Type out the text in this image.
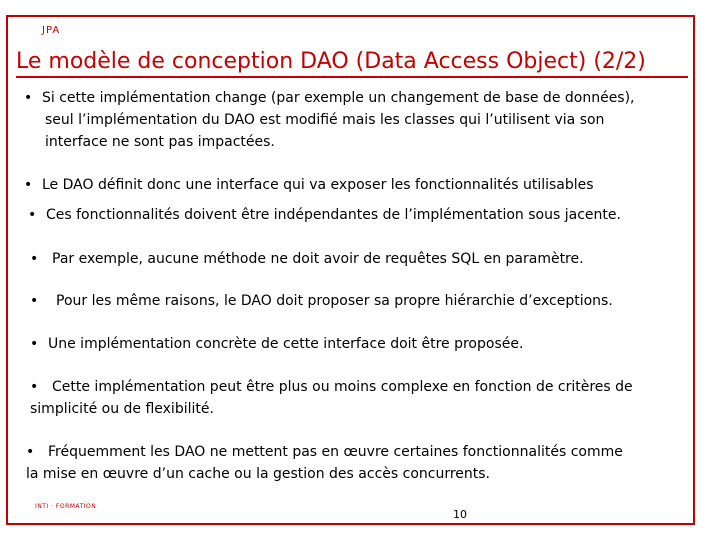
JPA
Le modèle de conception DAO (Data Access Object) (2/2)
• Si cette implémentation change (par exemple un changement de base de données),
seul l’implémentation du DAO est modifié mais les classes qui l’utilisent via son
interface ne sont pas impactées.
• Le DAO définit donc une interface qui va exposer les fonctionnalités utilisables
• Ces fonctionnalités doivent être indépendantes de l’implémentation sous jacente.
• Par exemple, aucune méthode ne doit avoir de requêtes SQL en paramètre.
• Pour les même raisons, le DAO doit proposer sa propre hiérarchie d’exceptions.
• Une implémentation concrète de cette interface doit être proposée.
• Cette implémentation peut être plus ou moins complexe en fonction de critères de
simplicité ou de flexibilité.
• Fréquemment les DAO ne mettent pas en œuvre certaines fonctionnalités comme
la mise en œuvre d’un cache ou la gestion des accès concurrents.
INTI · FORMATION
10
